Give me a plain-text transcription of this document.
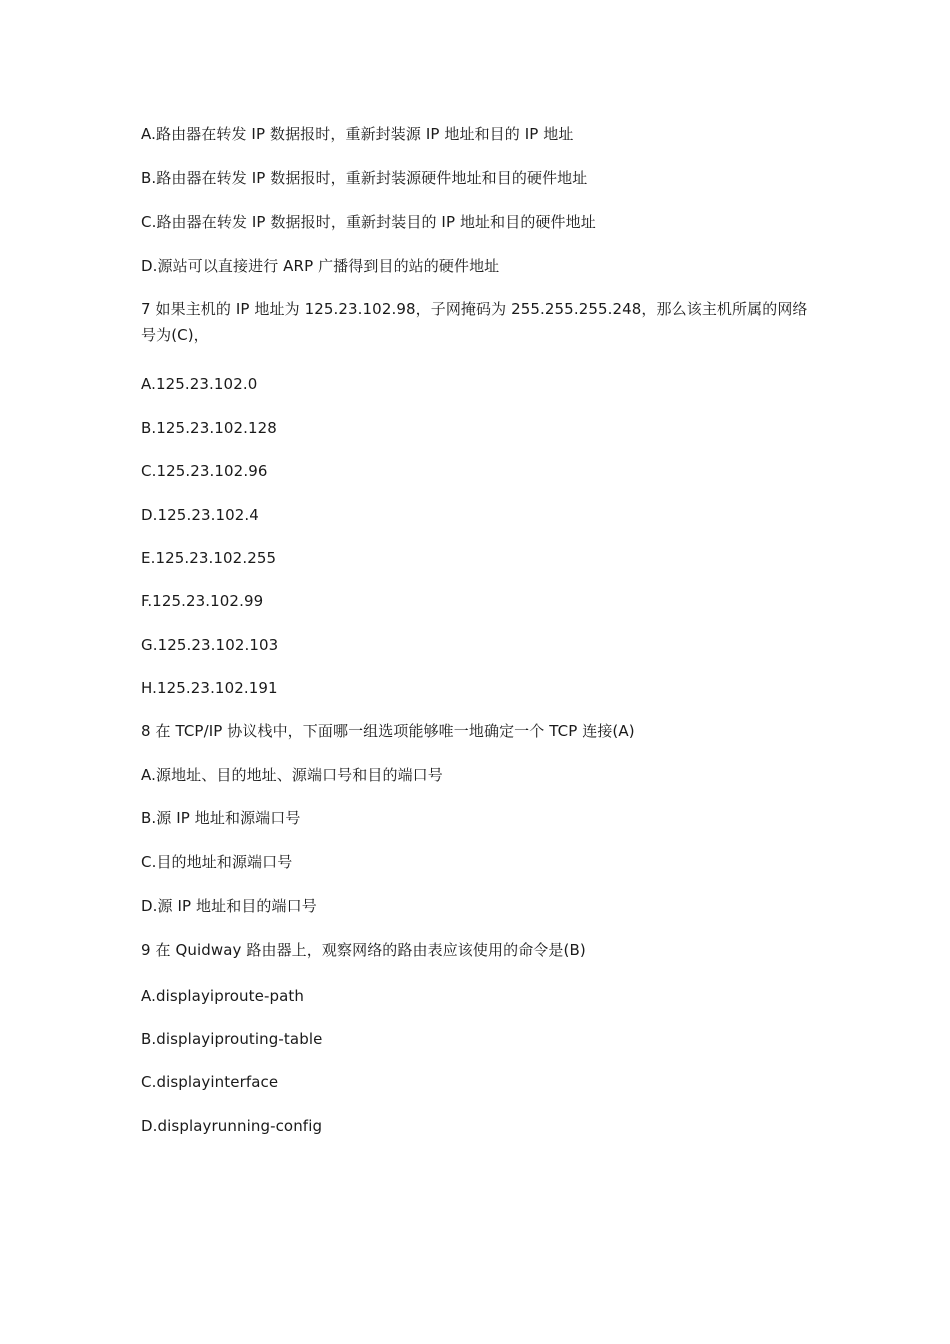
A.路由器在转发 IP 数据报时，重新封装源 IP 地址和目的 IP 地址
B.路由器在转发 IP 数据报时，重新封装源硬件地址和目的硬件地址
C.路由器在转发 IP 数据报时，重新封装目的 IP 地址和目的硬件地址
D.源站可以直接进行 ARP 广播得到目的站的硬件地址
7 如果主机的 IP 地址为 125.23.102.98，子网掩码为 255.255.255.248，那么该主机所属的网络号为(C)，
A.125.23.102.0
B.125.23.102.128
C.125.23.102.96
D.125.23.102.4
E.125.23.102.255
F.125.23.102.99
G.125.23.102.103
H.125.23.102.191
8 在 TCP/IP 协议栈中，下面哪一组选项能够唯一地确定一个 TCP 连接(A)
A.源地址、目的地址、源端口号和目的端口号
B.源 IP 地址和源端口号
C.目的地址和源端口号
D.源 IP 地址和目的端口号
9 在 Quidway 路由器上，观察网络的路由表应该使用的命令是(B)
A.displayiproute-path
B.displayiprouting-table
C.displayinterface
D.displayrunning-config
